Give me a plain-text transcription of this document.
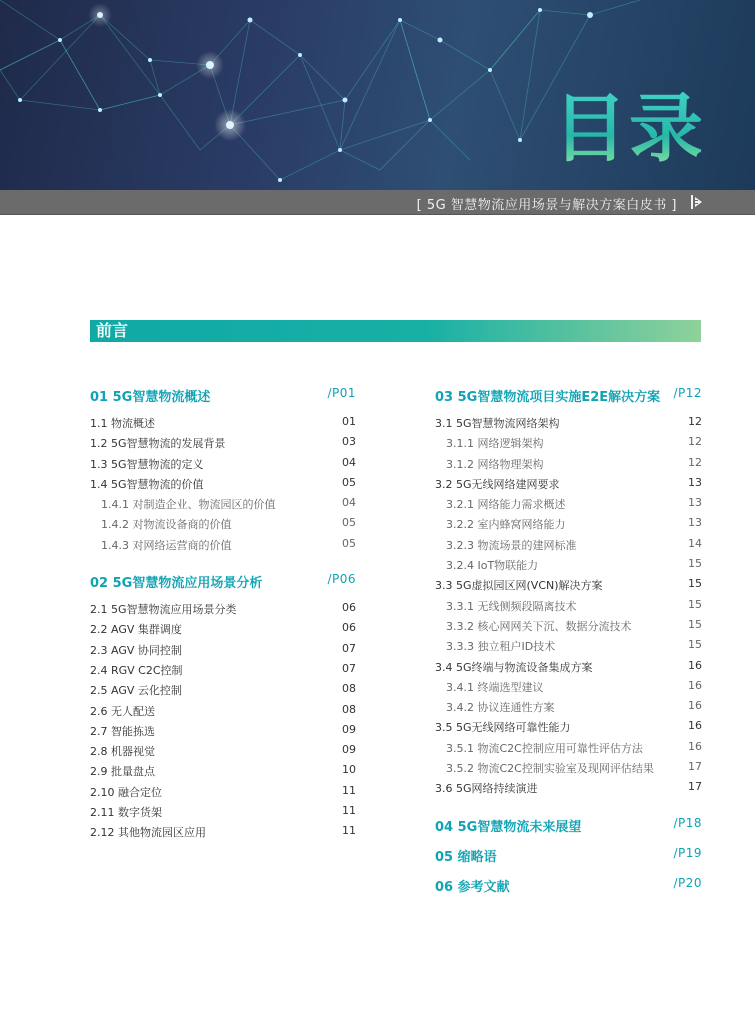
目录
[ 5G 智慧物流应用场景与解决方案白皮书 ]
前言
01 5G智慧物流概述	/P01
1.1 物流概述	01
1.2 5G智慧物流的发展背景	03
1.3 5G智慧物流的定义	04
1.4 5G智慧物流的价值	05
1.4.1 对制造企业、物流园区的价值	04
1.4.2 对物流设备商的价值	05
1.4.3 对网络运营商的价值	05
02 5G智慧物流应用场景分析	/P06
2.1 5G智慧物流应用场景分类	06
2.2 AGV 集群调度	06
2.3 AGV 协同控制	07
2.4 RGV C2C控制	07
2.5 AGV 云化控制	08
2.6 无人配送	08
2.7 智能拣选	09
2.8 机器视觉	09
2.9 批量盘点	10
2.10 融合定位	11
2.11 数字货架	11
2.12 其他物流园区应用	11
03 5G智慧物流项目实施E2E解决方案 /P12
3.1 5G智慧物流网络架构	12
3.1.1 网络逻辑架构	12
3.1.2 网络物理架构	12
3.2 5G无线网络建网要求	13
3.2.1 网络能力需求概述	13
3.2.2 室内蜂窝网络能力	13
3.2.3 物流场景的建网标准	14
3.2.4 IoT物联能力	15
3.3 5G虚拟园区网(VCN)解决方案	15
3.3.1 无线侧频段隔离技术	15
3.3.2 核心网网关下沉、数据分流技术	15
3.3.3 独立租户ID技术	15
3.4 5G终端与物流设备集成方案	16
3.4.1 终端选型建议	16
3.4.2 协议连通性方案	16
3.5 5G无线网络可靠性能力	16
3.5.1 物流C2C控制应用可靠性评估方法	16
3.5.2 物流C2C控制实验室及现网评估结果	17
3.6 5G网络持续演进	17
04 5G智慧物流未来展望	/P18
05 缩略语	/P19
06 参考文献	/P20
